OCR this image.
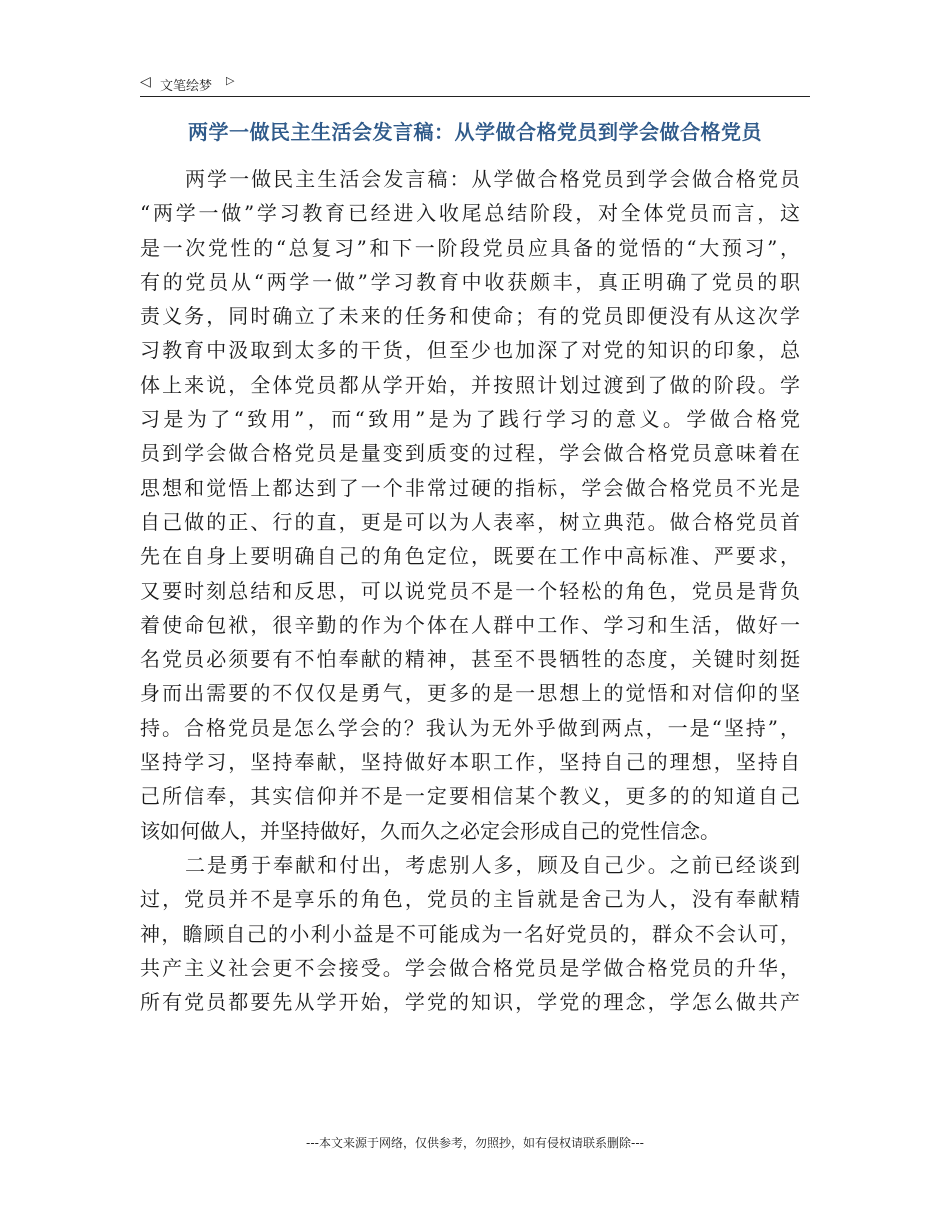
◁ 文笔绘梦 ▷
两学一做民主生活会发言稿：从学做合格党员到学会做合格党员
两学一做民主生活会发言稿：从学做合格党员到学会做合格党员
“两学一做”学习教育已经进入收尾总结阶段，对全体党员而言，这
是一次党性的“总复习”和下一阶段党员应具备的觉悟的“大预习”，
有的党员从“两学一做”学习教育中收获颇丰，真正明确了党员的职
责义务，同时确立了未来的任务和使命；有的党员即便没有从这次学
习教育中汲取到太多的干货，但至少也加深了对党的知识的印象，总
体上来说，全体党员都从学开始，并按照计划过渡到了做的阶段。学
习是为了“致用”，而“致用”是为了践行学习的意义。学做合格党
员到学会做合格党员是量变到质变的过程，学会做合格党员意味着在
思想和觉悟上都达到了一个非常过硬的指标，学会做合格党员不光是
自己做的正、行的直，更是可以为人表率，树立典范。做合格党员首
先在自身上要明确自己的角色定位，既要在工作中高标准、严要求，
又要时刻总结和反思，可以说党员不是一个轻松的角色，党员是背负
着使命包袱，很辛勤的作为个体在人群中工作、学习和生活，做好一
名党员必须要有不怕奉献的精神，甚至不畏牺牲的态度，关键时刻挺
身而出需要的不仅仅是勇气，更多的是一思想上的觉悟和对信仰的坚
持。合格党员是怎么学会的？我认为无外乎做到两点，一是“坚持”，
坚持学习，坚持奉献，坚持做好本职工作，坚持自己的理想，坚持自
己所信奉，其实信仰并不是一定要相信某个教义，更多的的知道自己
该如何做人，并坚持做好，久而久之必定会形成自己的党性信念。
二是勇于奉献和付出，考虑别人多，顾及自己少。之前已经谈到
过，党员并不是享乐的角色，党员的主旨就是舍己为人，没有奉献精
神，瞻顾自己的小利小益是不可能成为一名好党员的，群众不会认可，
共产主义社会更不会接受。学会做合格党员是学做合格党员的升华，
所有党员都要先从学开始，学党的知识，学党的理念，学怎么做共产
---本文来源于网络，仅供参考，勿照抄，如有侵权请联系删除---
